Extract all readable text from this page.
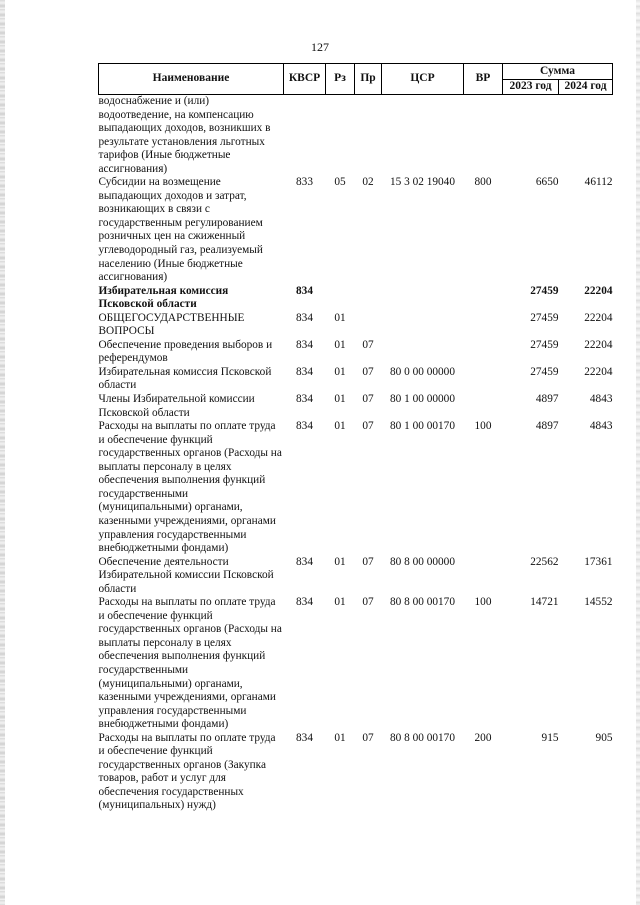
127
Наименование	КВСР	Рз	Пр	ЦСР	ВР	Сумма	
						2023 год	2024 год
водоснабжение и (или) водоотведение, на компенсацию выпадающих доходов, возникших в результате установления льготных тарифов (Иные бюджетные ассигнования)							
Субсидии на возмещение выпадающих доходов и затрат, возникающих в связи с государственным регулированием розничных цен на сжиженный углеводородный газ, реализуемый населению (Иные бюджетные ассигнования)	833	05	02	15 3 02 19040	800	6650	46112
Избирательная комиссия Псковской области	834					27459	22204
ОБЩЕГОСУДАРСТВЕННЫЕ ВОПРОСЫ	834	01				27459	22204
Обеспечение проведения выборов и референдумов	834	01	07			27459	22204
Избирательная комиссия Псковской области	834	01	07	80 0 00 00000		27459	22204
Члены Избирательной комиссии Псковской области	834	01	07	80 1 00 00000		4897	4843
Расходы на выплаты по оплате труда и обеспечение функций государственных органов (Расходы на выплаты персоналу в целях обеспечения выполнения функций государственными (муниципальными) органами, казенными учреждениями, органами управления государственными внебюджетными фондами)	834	01	07	80 1 00 00170	100	4897	4843
Обеспечение деятельности Избирательной комиссии Псковской области	834	01	07	80 8 00 00000		22562	17361
Расходы на выплаты по оплате труда и обеспечение функций государственных органов (Расходы на выплаты персоналу в целях обеспечения выполнения функций государственными (муниципальными) органами, казенными учреждениями, органами управления государственными внебюджетными фондами)	834	01	07	80 8 00 00170	100	14721	14552
Расходы на выплаты по оплате труда и обеспечение функций государственных органов (Закупка товаров, работ и услуг для обеспечения государственных (муниципальных) нужд)	834	01	07	80 8 00 00170	200	915	905
